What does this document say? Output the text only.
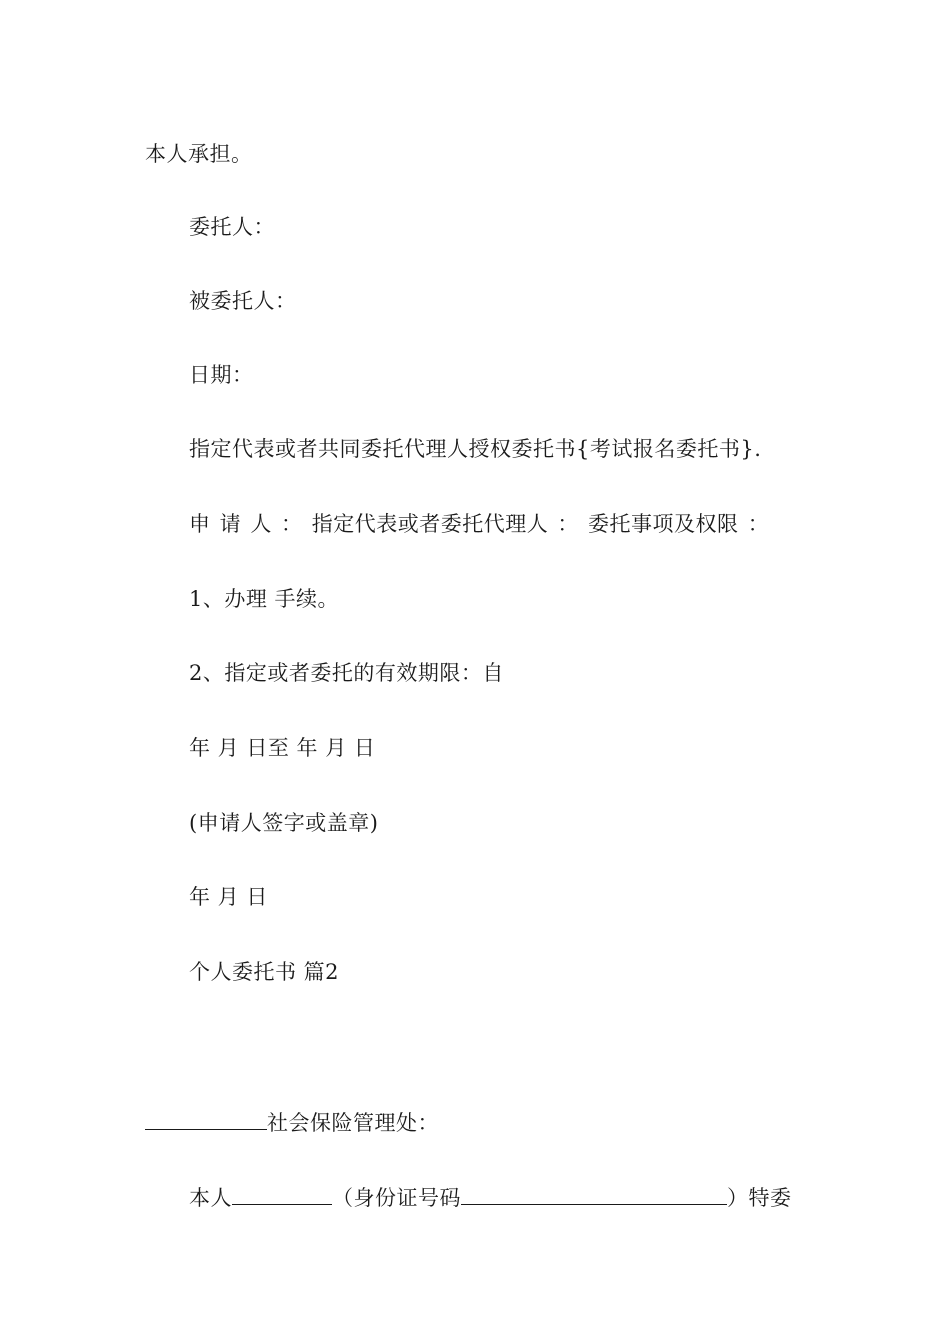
本人承担。
委托人：
被委托人：
日期：
指定代表或者共同委托代理人授权委托书{考试报名委托书}.
申 请 人 ： 指定代表或者委托代理人 ： 委托事项及权限 ：
1、办理 手续。
2、指定或者委托的有效期限：自
年 月 日至 年 月 日
(申请人签字或盖章)
年 月 日
个人委托书 篇2
社会保险管理处：
本人	（身份证号码	）特委
